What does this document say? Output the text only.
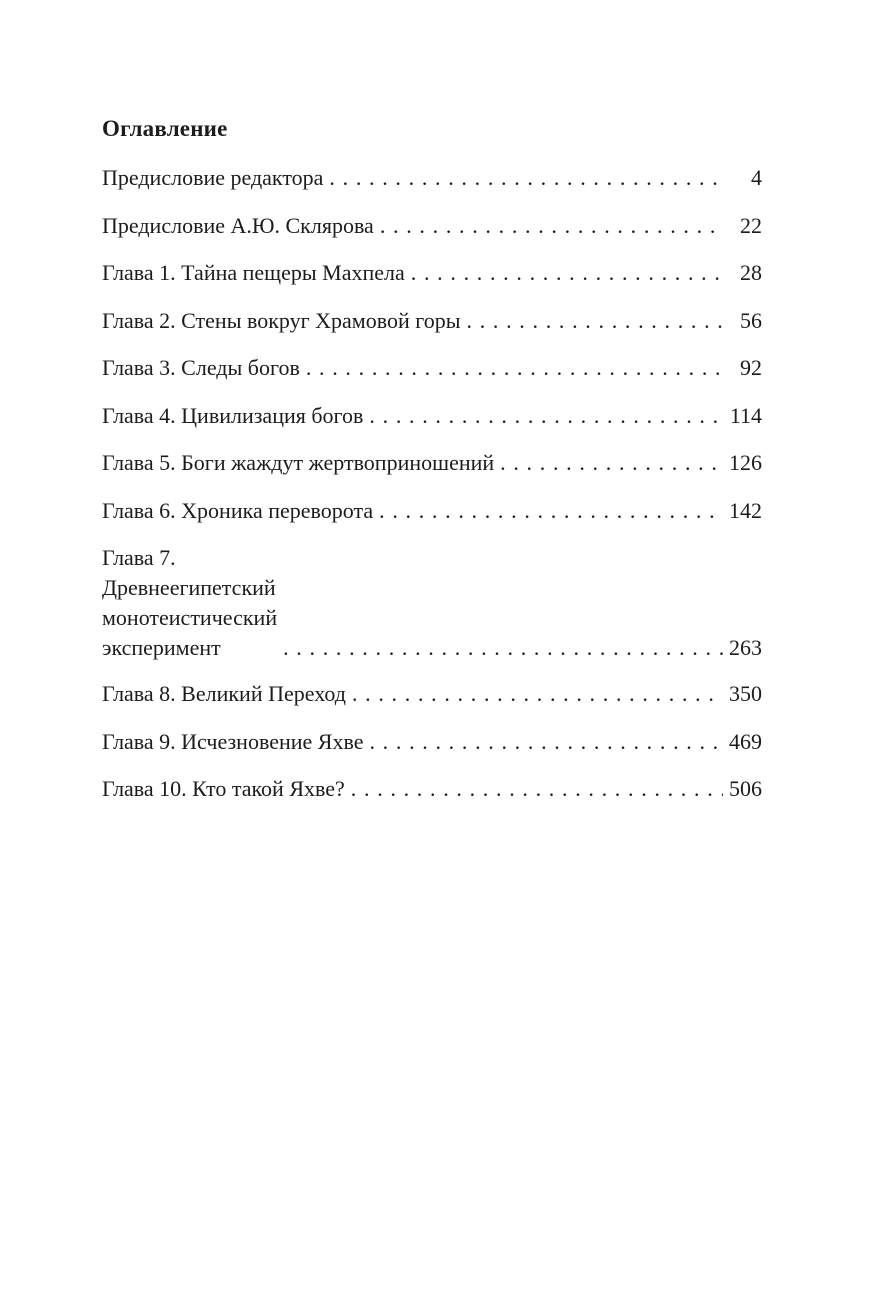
Оглавление
Предисловие редактора . . .	4
Предисловие А.Ю. Склярова . . .	22
Глава 1. Тайна пещеры Махпела . . .	28
Глава 2. Стены вокруг Храмовой горы . . .	56
Глава 3. Следы богов . . .	92
Глава 4. Цивилизация богов . . .	114
Глава 5. Боги жаждут жертвоприношений . . .	126
Глава 6. Хроника переворота . . .	142
Глава 7. Древнеегипетский
монотеистический эксперимент . . .	263
Глава 8. Великий Переход . . .	350
Глава 9. Исчезновение Яхве . . .	469
Глава 10. Кто такой Яхве? . . .	506
